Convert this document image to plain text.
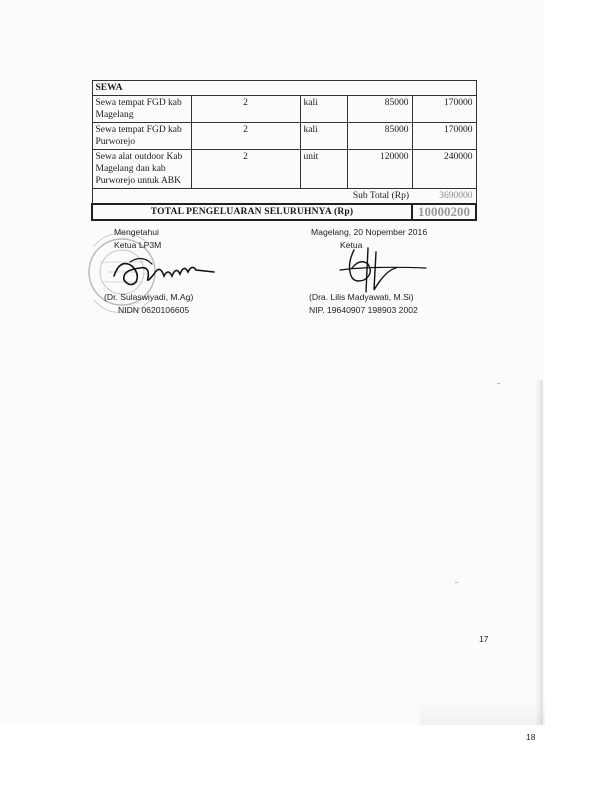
SEWA				
Sewa tempat FGD kab Magelang	2	kali	85000	170000
Sewa tempat FGD kab Purworejo	2	kali	85000	170000
Sewa alat outdoor Kab Magelang dan kab Purworejo untuk ABK	2	unit	120000	240000
Sub Total (Rp)				3690000
TOTAL PENGELUARAN SELURUHNYA (Rp)				10000200
Mengetahui
Ketua LP3M
(Dr. Sulaswiyadi, M.Ag)
NIDN 0620106605
Magelang, 20 Nopember 2016
Ketua
(Dra. Lilis Madyawati, M.Si)
NIP. 19640907 198903 2002
17
18
